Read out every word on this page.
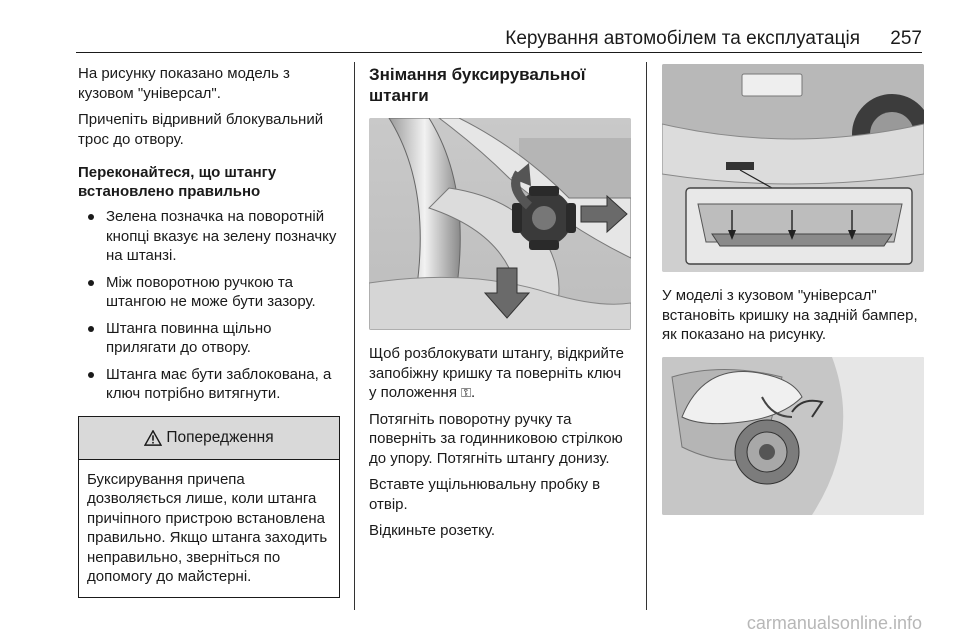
Керування автомобілем та експлуатація 257

На рисунку показано модель з кузовом "універсал".

Причепіть відривний блокувальний трос до отвору.

Переконайтеся, що штангу встановлено правильно
Зелена позначка на поворотній кнопці вказує на зелену позначку на штанзі.
Між поворотною ручкою та штангою не може бути зазору.
Штанга повинна щільно прилягати до отвору.
Штанга має бути заблокована, а ключ потрібно витягнути.
Попередження
Буксирування причепа дозволяється лише, коли штанга причіпного пристрою встановлена правильно. Якщо штанга заходить неправильно, зверніться по допомогу до майстерні.
Знімання буксирувальної штанги

Щоб розблокувати штангу, відкрийте запобіжну кришку та поверніть ключ у положення ⚿.

Потягніть поворотну ручку та поверніть за годинниковою стрілкою до упору. Потягніть штангу донизу.

Вставте ущільнювальну пробку в отвір.

Відкиньте розетку.

У моделі з кузовом "універсал" встановіть кришку на задній бампер, як показано на рисунку.

carmanualsonline.info
